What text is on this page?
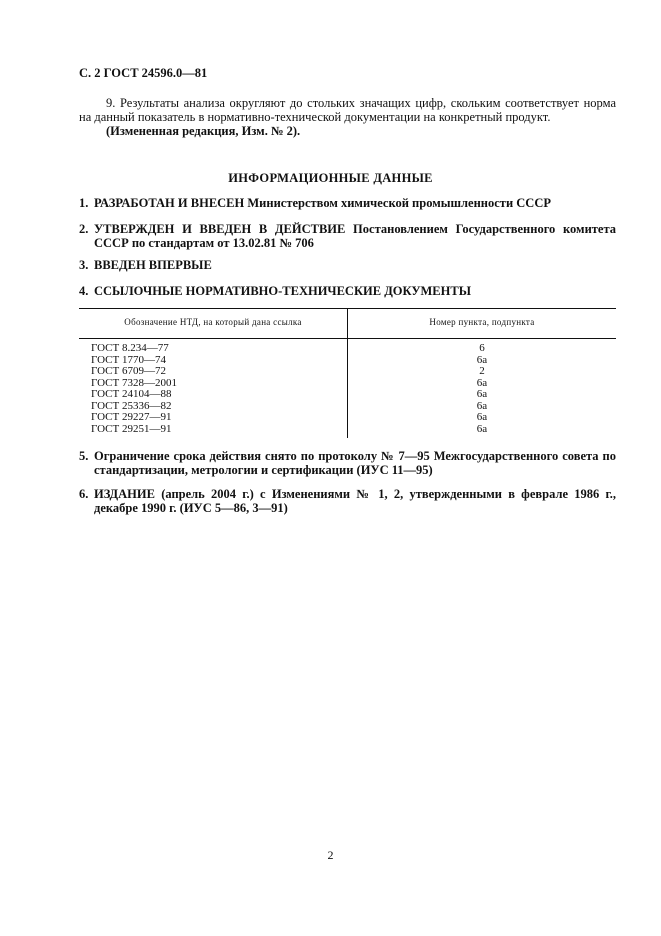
С. 2 ГОСТ 24596.0—81
9. Результаты анализа округляют до стольких значащих цифр, скольким соответствует норма на данный показатель в нормативно-технической документации на конкретный продукт.
(Измененная редакция, Изм. № 2).
ИНФОРМАЦИОННЫЕ ДАННЫЕ
1. РАЗРАБОТАН И ВНЕСЕН Министерством химической промышленности СССР
2. УТВЕРЖДЕН И ВВЕДЕН В ДЕЙСТВИЕ Постановлением Государственного комитета СССР по стандартам от 13.02.81 № 706
3. ВВЕДЕН ВПЕРВЫЕ
4. ССЫЛОЧНЫЕ НОРМАТИВНО-ТЕХНИЧЕСКИЕ ДОКУМЕНТЫ
Обозначение НТД, на который дана ссылка	Номер пункта, подпункта
ГОСТ 8.234—77	6
ГОСТ 1770—74	6а
ГОСТ 6709—72	2
ГОСТ 7328—2001	6а
ГОСТ 24104—88	6а
ГОСТ 25336—82	6а
ГОСТ 29227—91	6а
ГОСТ 29251—91	6а
5. Ограничение срока действия снято по протоколу № 7—95 Межгосударственного совета по стандартизации, метрологии и сертификации (ИУС 11—95)
6. ИЗДАНИЕ (апрель 2004 г.) с Изменениями № 1, 2, утвержденными в феврале 1986 г., декабре 1990 г. (ИУС 5—86, 3—91)
2
